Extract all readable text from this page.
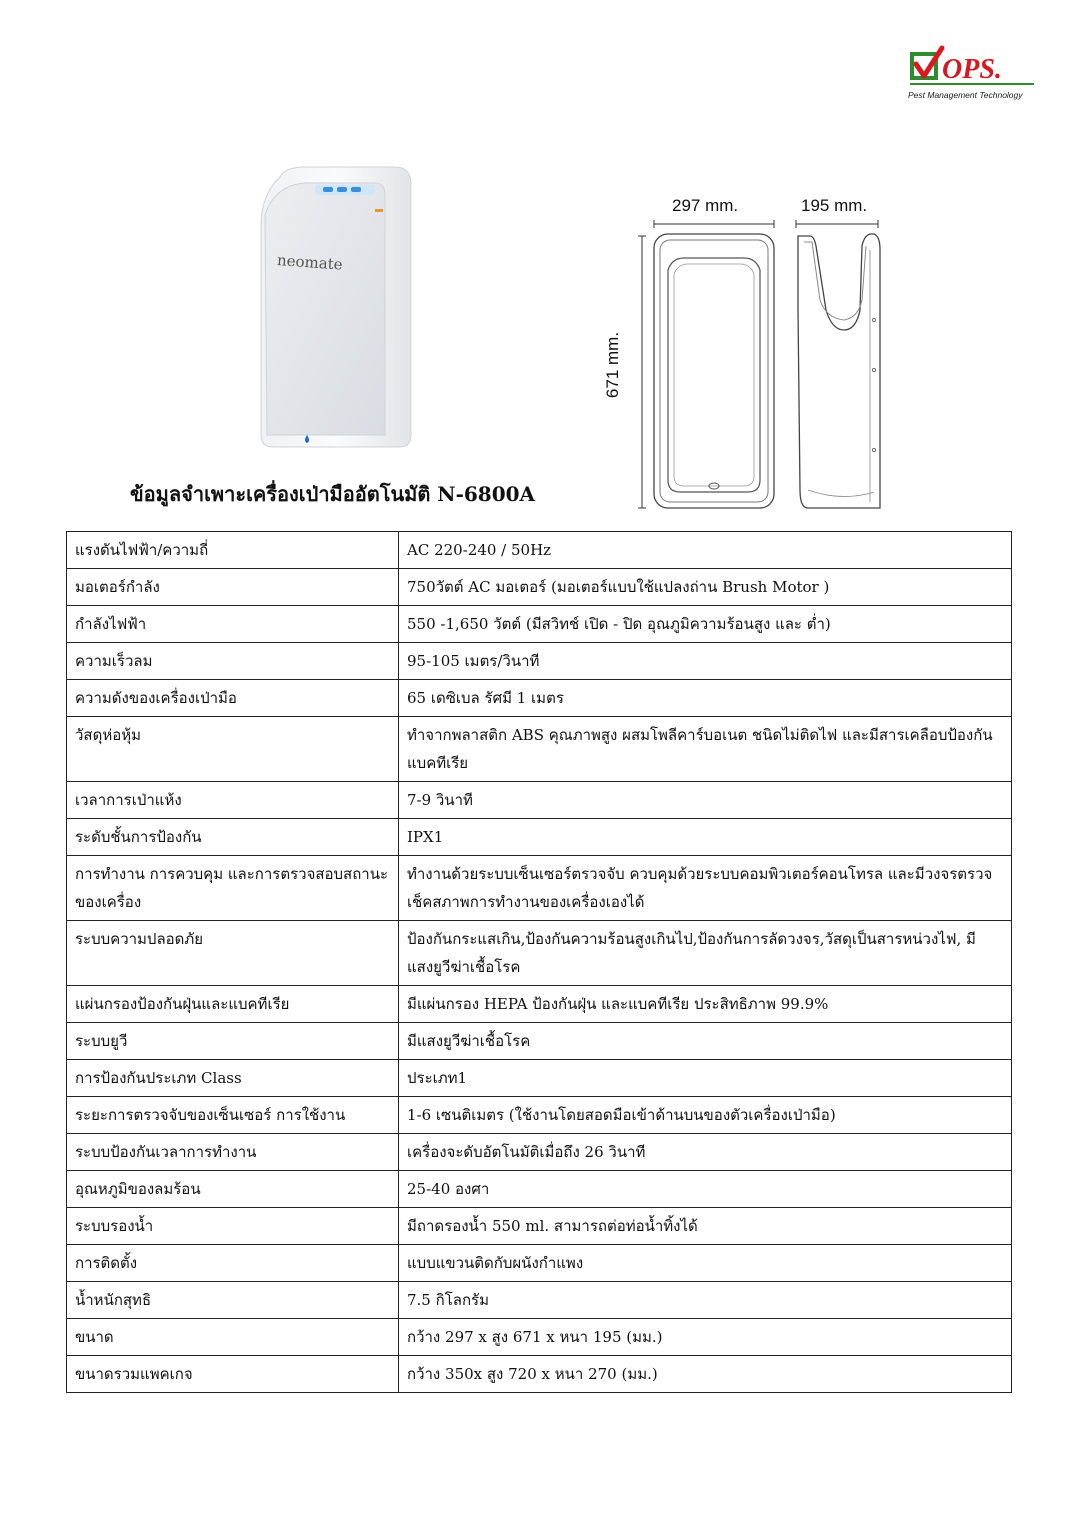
OPS.
Pest Management Technology
neomate
297 mm.	195 mm.
671 mm.
ข้อมูลจำเพาะเครื่องเป่ามืออัตโนมัติ N-6800A
แรงดันไฟฟ้า/ความถี่	AC 220-240 / 50Hz
มอเตอร์กำลัง	750วัตต์ AC มอเตอร์ (มอเตอร์แบบใช้แปลงถ่าน Brush Motor )
กำลังไฟฟ้า	550 -1,650 วัตต์ (มีสวิทช์ เปิด - ปิด อุณภูมิความร้อนสูง และ ต่ำ)
ความเร็วลม	95-105 เมตร/วินาที
ความดังของเครื่องเป่ามือ	65 เดซิเบล รัศมี 1 เมตร
วัสดุห่อหุ้ม	ทำจากพลาสติก ABS คุณภาพสูง ผสมโพลีคาร์บอเนต ชนิดไม่ติดไฟ และมีสารเคลือบป้องกันแบคทีเรีย
เวลาการเป่าแห้ง	7-9 วินาที
ระดับชั้นการป้องกัน	IPX1
การทำงาน การควบคุม และการตรวจสอบสถานะของเครื่อง	ทำงานด้วยระบบเซ็นเซอร์ตรวจจับ ควบคุมด้วยระบบคอมพิวเตอร์คอนโทรล และมีวงจรตรวจเช็คสภาพการทำงานของเครื่องเองได้
ระบบความปลอดภัย	ป้องกันกระแสเกิน,ป้องกันความร้อนสูงเกินไป,ป้องกันการลัดวงจร,วัสดุเป็นสารหน่วงไฟ, มีแสงยูวีฆ่าเชื้อโรค
แผ่นกรองป้องกันฝุ่นและแบคทีเรีย	มีแผ่นกรอง HEPA ป้องกันฝุ่น และแบคทีเรีย ประสิทธิภาพ 99.9%
ระบบยูวี	มีแสงยูวีฆ่าเชื้อโรค
การป้องกันประเภท Class	ประเภท1
ระยะการตรวจจับของเซ็นเซอร์ การใช้งาน	1-6 เซนติเมตร (ใช้งานโดยสอดมือเข้าด้านบนของตัวเครื่องเป่ามือ)
ระบบป้องกันเวลาการทำงาน	เครื่องจะดับอัตโนมัติเมื่อถึง 26 วินาที
อุณหภูมิของลมร้อน	25-40 องศา
ระบบรองน้ำ	มีถาดรองน้ำ 550 ml. สามารถต่อท่อน้ำทิ้งได้
การติดตั้ง	แบบแขวนติดกับผนังกำแพง
น้ำหนักสุทธิ	7.5 กิโลกรัม
ขนาด	กว้าง 297 x สูง 671 x หนา 195 (มม.)
ขนาดรวมแพคเกจ	กว้าง 350x สูง 720 x หนา 270 (มม.)
